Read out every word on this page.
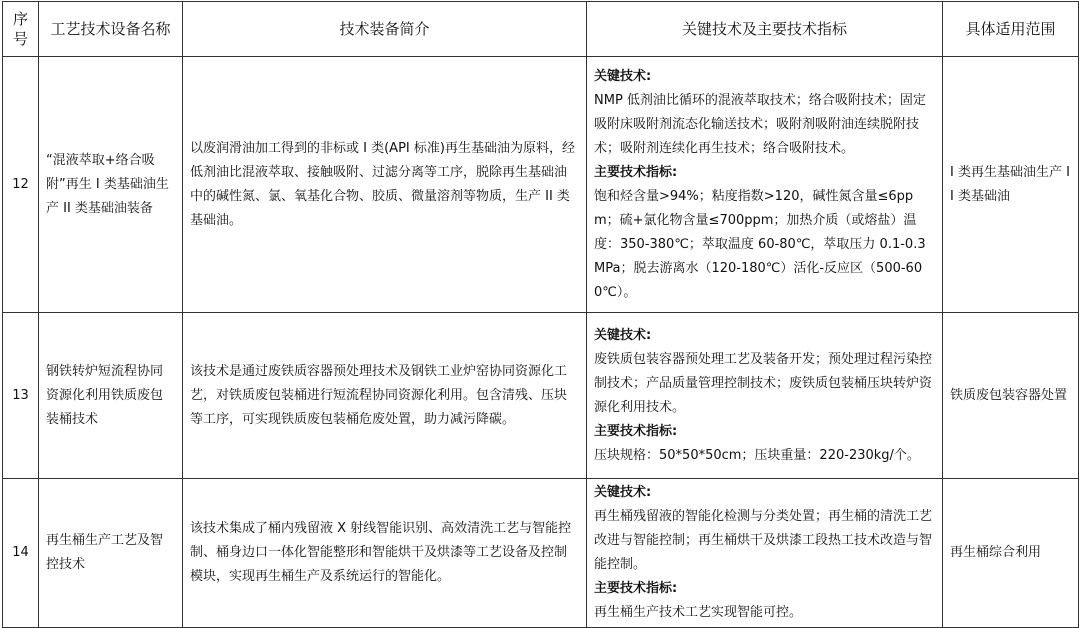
序号	工艺技术设备名称	技术装备简介	关键技术及主要技术指标	具体适用范围
12	“混液萃取+络合吸附”再生 I 类基础油生产 II 类基础油装备	以废润滑油加工得到的非标或 I 类(API 标准)再生基础油为原料，经低剂油比混液萃取、接触吸附、过滤分离等工序，脱除再生基础油中的碱性氮、氯、氧基化合物、胶质、微量溶剂等物质，生产 II 类基础油。	关键技术:

NMP 低剂油比循环的混液萃取技术；络合吸附技术；固定吸附床吸附剂流态化输送技术；吸附剂吸附油连续脱附技术；吸附剂连续化再生技术；络合吸附技术。

主要技术指标:

饱和烃含量>94%；粘度指数>120，碱性氮含量≤6ppm；硫+氯化物含量≤700ppm；加热介质（或熔盐）温度：350-380℃；萃取温度 60-80℃，萃取压力 0.1-0.3MPa；脱去游离水（120-180℃）活化-反应区（500-600℃）。	I 类再生基础油生产 II 类基础油
13	钢铁转炉短流程协同资源化利用铁质废包装桶技术	该技术是通过废铁质容器预处理技术及钢铁工业炉窑协同资源化工艺，对铁质废包装桶进行短流程协同资源化利用。包含清残、压块等工序，可实现铁质废包装桶危废处置，助力减污降碳。	关键技术:

废铁质包装容器预处理工艺及装备开发；预处理过程污染控制技术；产品质量管理控制技术；废铁质包装桶压块转炉资源化利用技术。

主要技术指标:

压块规格：50*50*50cm；压块重量：220-230kg/个。	铁质废包装容器处置
14	再生桶生产工艺及智控技术	该技术集成了桶内残留液 X 射线智能识别、高效清洗工艺与智能控制、桶身边口一体化智能整形和智能烘干及烘漆等工艺设备及控制模块，实现再生桶生产及系统运行的智能化。	关键技术:

再生桶残留液的智能化检测与分类处置；再生桶的清洗工艺改进与智能控制；再生桶烘干及烘漆工段热工技术改造与智能控制。

主要技术指标:

再生桶生产技术工艺实现智能可控。	再生桶综合利用
